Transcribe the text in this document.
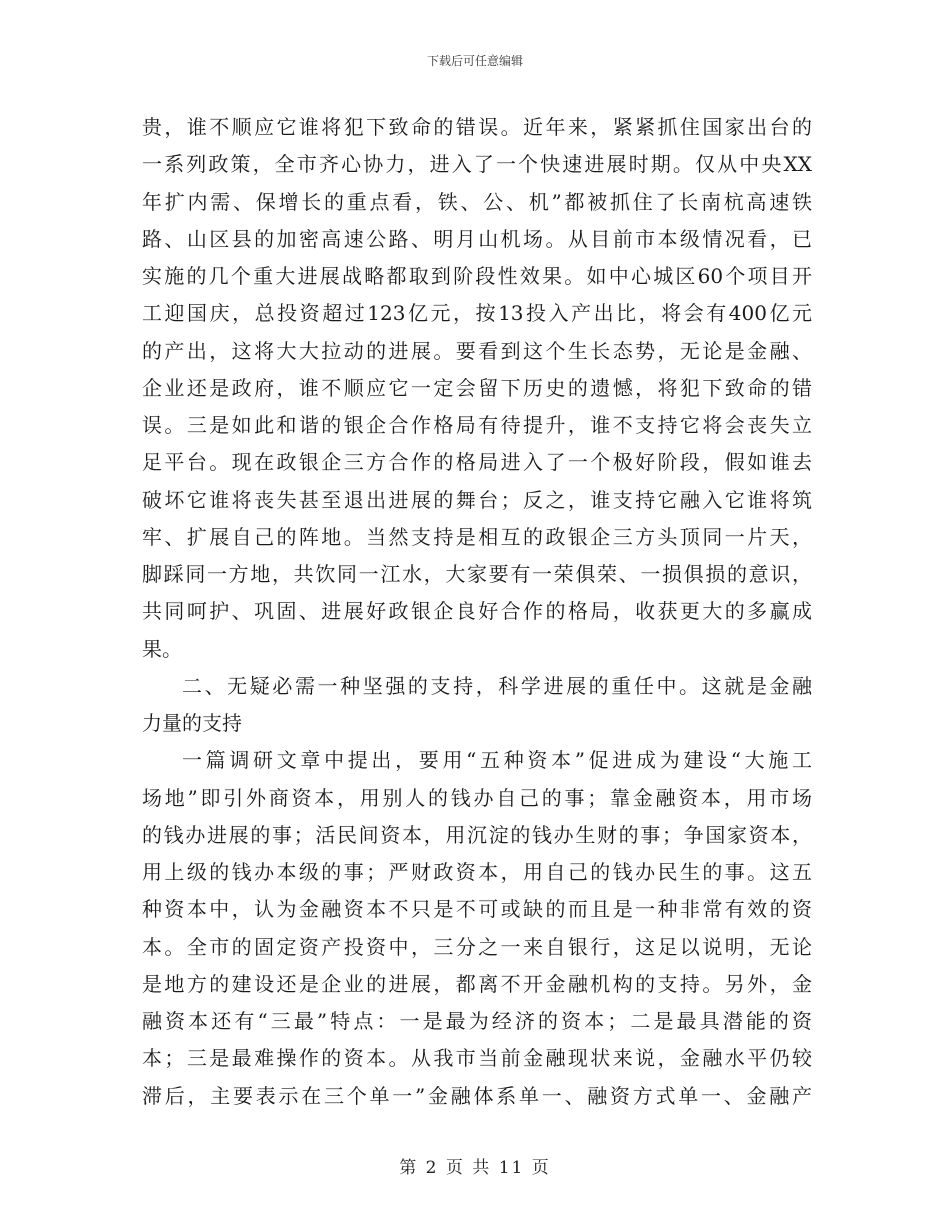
下载后可任意编辑
贵，谁不顺应它谁将犯下致命的错误。近年来，紧紧抓住国家出台的
一系列政策，全市齐心协力，进入了一个快速进展时期。仅从中央XX
年扩内需、保增长的重点看，铁、公、机”都被抓住了长南杭高速铁
路、山区县的加密高速公路、明月山机场。从目前市本级情况看，已
实施的几个重大进展战略都取到阶段性效果。如中心城区60个项目开
工迎国庆，总投资超过123亿元，按13投入产出比，将会有400亿元
的产出，这将大大拉动的进展。要看到这个生长态势，无论是金融、
企业还是政府，谁不顺应它一定会留下历史的遗憾，将犯下致命的错
误。三是如此和谐的银企合作格局有待提升，谁不支持它将会丧失立
足平台。现在政银企三方合作的格局进入了一个极好阶段，假如谁去
破坏它谁将丧失甚至退出进展的舞台；反之，谁支持它融入它谁将筑
牢、扩展自己的阵地。当然支持是相互的政银企三方头顶同一片天，
脚踩同一方地，共饮同一江水，大家要有一荣俱荣、一损俱损的意识，
共同呵护、巩固、进展好政银企良好合作的格局，收获更大的多赢成
果。
二、无疑必需一种坚强的支持，科学进展的重任中。这就是金融
力量的支持
一篇调研文章中提出，要用“五种资本”促进成为建设“大施工
场地”即引外商资本，用别人的钱办自己的事；靠金融资本，用市场
的钱办进展的事；活民间资本，用沉淀的钱办生财的事；争国家资本，
用上级的钱办本级的事；严财政资本，用自己的钱办民生的事。这五
种资本中，认为金融资本不只是不可或缺的而且是一种非常有效的资
本。全市的固定资产投资中，三分之一来自银行，这足以说明，无论
是地方的建设还是企业的进展，都离不开金融机构的支持。另外，金
融资本还有“三最”特点：一是最为经济的资本；二是最具潜能的资
本；三是最难操作的资本。从我市当前金融现状来说，金融水平仍较
滞后，主要表示在三个单一”金融体系单一、融资方式单一、金融产
第 2 页 共 11 页
